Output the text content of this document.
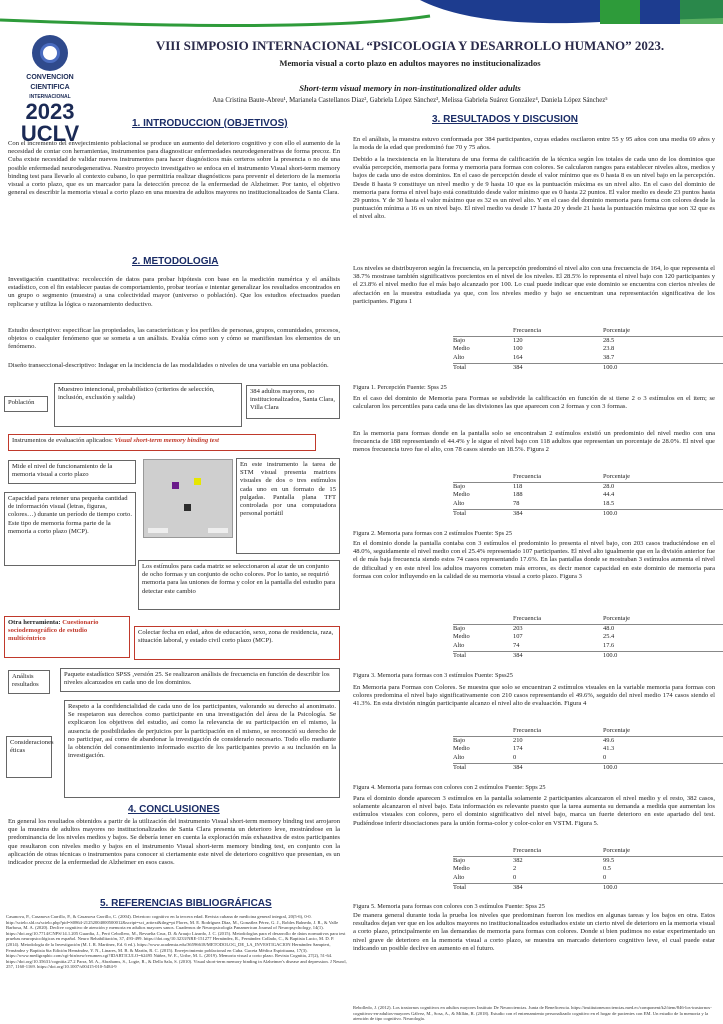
CONVENCION
CIENTIFICA
INTERNACIONAL
2023
UCLV
VIII SIMPOSIO INTERNACIONAL “PSICOLOGIA Y DESARROLLO HUMANO” 2023.
Memoria visual a corto plazo en adultos mayores no institucionalizados
Short-term visual memory in non-institutionalized older adults
Ana Cristina Baute-Abreu¹, Marianela Castellanos Diaz², Gabriela López Sánchez³, Melissa Gabriela Suárez González⁴, Daniela López Sánchez⁵
1. INTRODUCCION (OBJETIVOS)
Con el incremento del envejecimiento poblacional se produce un aumento del deterioro cognitivo y con ello el aumento de la necesidad de contar con herramientas, instrumentos para diagnosticar enfermedades neurodegenerativas de forma precoz. En Cuba existe necesidad de validar nuevos instrumentos para hacer diagnósticos más certeros sobre la presencia o no de una posible enfermedad neurodegenerativa. Nuestro proyecto investigativo se enfoca en el instrumento Visual short-term memory binding test para llevarlo al contexto cubano, lo que permitiría realizar diagnósticos para prevenir el deterioro de la memoria visual a corto plazo, que es un marcador para la detección precoz de la enfermedad de Alzheimer. Por tanto, el objetivo general es describir la memoria visual a corto plazo en una muestra de adultos mayores no institucionalizados de Santa Clara.
2. METODOLOGIA
Investigación cuantitativa: recolección de datos para probar hipótesis con base en la medición numérica y el análisis estadístico, con el fin establecer pautas de comportamiento, probar teorías e intentar generalizar los resultados encontrados en un grupo o segmento (muestra) a una colectividad mayor (universo o población). Que los estudios efectuados puedan replicarse y utiliza la lógica o razonamiento deductivo.
Estudio descriptivo: especificar las propiedades, las características y los perfiles de personas, grupos, comunidades, procesos, objetos o cualquier fenómeno que se someta a un análisis. Evalúa cómo son y cómo se manifiestan los elementos de un fenómeno.
Diseño transeccional-descriptivo: Indagar en la incidencia de las modalidades o niveles de una variable en una población.
Población
Muestreo intencional, probabilístico (criterios de selección, inclusión, exclusión y salida)
384 adultos mayores, no institucionalizados, Santa Clara, Villa Clara
Instrumentos de evaluación aplicados: Visual short-term memory binding test
Mide el nivel de funcionamiento de la memoria visual a corto plazo
Capacidad para retener una pequeña cantidad de información visual (letras, figuras, colores…) durante un período de tiempo corto. Este tipo de memoria forma parte de la memoria a corto plazo (MCP).
En este instrumento la tarea de STM visual presenta matrices visuales de dos o tres estímulos cada uno en un formato de 15 pulgadas. Pantalla plana TFT controlada por una computadora personal portátil
Los estímulos para cada matriz se seleccionaron al azar de un conjunto de ocho formas y un conjunto de ocho colores. Por lo tanto, se requirió memoria para las uniones de forma y color en la pantalla del estudio para detectar este cambio
Otra herramienta: Cuestionario sociodemográfico de estudio multicéntrico
Colectar fecha en edad, años de educación, sexo, zona de residencia, raza, situación laboral, y estado civil corto plazo (MCP).
Análisis resultados
Paquete estadístico SPSS ,versión 25. Se realizaron análisis de frecuencia en función de describir los niveles alcanzados en cada uno de los dominios.
Consideraciones éticas
Respeto a la confidencialidad de cada uno de los participantes, valorando su derecho al anonimato. Se respetaron sus derechos como participante en una investigación del área de la Psicología. Se explicaron los objetivos del estudio, así como la relevancia de su participación en el mismo, la ausencia de posibilidades de perjuicios por la participación en el mismo, se reconoció su derecho de no participar, así como de abandonar la investigación de considerarlo necesario. Todo ello mediante la obtención del consentimiento informado escrito de los participantes previo a su inclusión en la investigación.
4. CONCLUSIONES
En general los resultados obtenidos a partir de la utilización del instrumento Visual short-term memory binding test arrojaron que la muestra de adultos mayores no institucionalizados de Santa Clara presenta un deterioro leve, mostrándose en la predominancia de los niveles medios y bajos. Se debería tener en cuenta la exploración más exhaustiva de estos participantes que resultaron con niveles medio y bajos en el instrumento Visual short-term memory binding test, en conjunto con la aplicación de otras técnicas o instrumentos para conocer si ciertamente este nivel de deterioro cognitivo que presentan, es un indicador precoz de la enfermedad de Alzheimer en esos casos.
5. REFERENCIAS BIBLIOGRÁFICAS
Casanova, P., Casanova Carrillo, P., & Casanova Carrillo, C. (2004). Deterioro cognitivo en la tercera edad. Revista cubana de medicina general integral, 20(5-6), 0-0. http://scielo.sld.cu/scielo.php?pid=S0864-21252004000500012&script=sci_arttext&tlng=pt Flores, M. E. Rodríguez Díaz, M., González Pérez, G. J., Robles Balnedo, J. R., & Valle Barbosa, M. A. (2020). Declive cognitivo de atención y memoria en adultos mayores sanos. Cuadernos de Neuropsicología Panamerican Journal of Neuropsychology, 14(1). https://doi.org/10.7714/CNPS/14.1.205 Guardia, J., Peró Cebollero, M., Revuelta Cruz, D. & Araujo Lizardo, J. C. (2015). Metodologías para el desarrollo de datos normativos para test pruebas neuropsicológicas en español. Neuro Rehabilitación, 37, 493-499. https://doi.org/10.3233/NRE-151277 Hernández, R., Fernández Collado, C., & Baptista Lucio, M. D. P. (2014). Metodología de la Investigación (M. I. R. Martínez, Ed. 6 ed.). https://www.academia.edu/36596618/METODOLOG_DE_LA_INVESTIGACION Hernández Sampieri, Fernández y Baptista 6ta Edición Hernández, Y. N., Linares, M. B. & Martín, R. C. (2015). Envejecimiento poblacional en Cuba. Gaceta Médica Espirituana, 17(3). https://www.medigraphic.com/cgi-bin/new/resumen.cgi?IDARTICULO=62495 Núñez, W. E., Uribe, M. L. (2019). Memoria visual a corto plazo. Revista Cognitia, 27(2), 51-64. https://doi.org/10.35631/cognitia.27.2 Parra, M. A., Abrahams, S., Logie, R., & Della Sala, S. (2010). Visual short-term memory binding in Alzheimer's disease and depression. J Neurol, 257, 1160-1169. https://doi.org/10.1007/s00415-010-5484-9
3. RESULTADOS Y DISCUSION
En el análisis, la muestra estuvo conformada por 384 participantes, cuyas edades oscilaron entre 55 y 95 años con una media 69 años y la moda de la edad que predominó fue 70 y 75 años.
Debido a la inexistencia en la literatura de una forma de calificación de la técnica según los totales de cada uno de los dominios que evalúa percepción, memoria para forma y memoria para formas con colores. Se calcularon rangos para establecer niveles altos, medios y bajos de cada uno de estos dominios. En el caso de percepción desde el valor mínimo que es 0 hasta 8 es un nivel bajo en la percepción. Desde 8 hasta 9 constituye un nivel medio y de 9 hasta 10 que es la puntuación máxima es un nivel alto. En el caso del dominio de memoria para forma el nivel bajo está constituido desde valor mínimo que es 0 hasta 22 puntos. El valor medio es desde 23 puntos hasta 29 puntos. Y de 30 hasta el valor máximo que es 32 es un nivel alto. Y en el caso del dominio memoria para forma con colores desde la puntuación mínima a 16 es un nivel bajo. El nivel medio va desde 17 hasta 20 y desde 21 hasta la puntuación máxima que son 32 que es el nivel alto.
Los niveles se distribuyeron según la frecuencia, en la percepción predominó el nivel alto con una frecuencia de 164, lo que representa el 38.7% mostrase también significativos porcientos en el nivel de los niveles. El 28.5% lo representa el nivel bajo con 120 participantes y el 23.8% el nivel medio fue el más bajo alcanzado por 100. Lo cual puede indicar que este dominio se encuentra con ciertos niveles de afectación en la muestra estudiada ya que, con los niveles medio y bajo se encuentran una representación significativa de los participantes. Figura 1
	Frecuencia	Porcentaje
Bajo	120	28.5
Medio	100	23.8
Alto	164	38.7
Total	384	100.0
Figura 1. Percepción Fuente: Spss 25
En el caso del dominio de Memoria para Formas se subdivide la calificación en función de si tiene 2 o 3 estímulos en el item; se calcularon los percentiles para cada una de las divisiones las que aparecen con 2 formas y con 3 formas.
En la memoria para formas donde en la pantalla solo se encontraban 2 estímulos existió un predominio del nivel medio con una frecuencia de 188 representando el 44.4% y le sigue el nivel bajo con 118 adultos que representan un porcentaje de 28.0%. El nivel que menos frecuencia tuvo fue el alto, con 78 casos siendo un 18.5%. Figura 2
	Frecuencia	Porcentaje
Bajo	118	28.0
Medio	188	44.4
Alto	78	18.5
Total	384	100.0
Figura 2. Memoria para formas con 2 estímulos Fuente: Sps 25
En el dominio donde la pantalla contaba con 3 estímulos el predominio lo presenta el nivel bajo, con 203 casos traduciéndose en el 48.0%, seguidamente el nivel medio con el 25.4% representado 107 participantes. El nivel alto igualmente que en la división anterior fue el de más baja frecuencia siendo estos 74 casos representando 17.6%. En las pantallas donde se mostraban 3 estímulos aumenta el nivel de dificultad y en este nivel los adultos mayores cometen más errores, es decir menor capacidad en este dominio de memoria para formas con color influyendo en la calidad de su memoria visual a corto plazo. Figura 3
	Frecuencia	Porcentaje
Bajo	203	48.0
Medio	107	25.4
Alto	74	17.6
Total	384	100.0
Figura 3. Memoria para formas con 3 estímulos Fuente: Spss25
En Memoria para Formas con Colores. Se muestra que solo se encuentran 2 estímulos visuales en la variable memoria para formas con colores predomina el nivel bajo significativamente con 210 casos representando el 49.6%, seguido del nivel medio 174 casos siendo el 41.3%. En esta división ningún participante alcanzo el nivel alto de evaluación. Figura 4
	Frecuencia	Porcentaje
Bajo	210	49.6
Medio	174	41.3
Alto	0	0
Total	384	100.0
Figura 4. Memoria para formas con colores con 2 estímulos Fuente: Spps 25
Para el dominio donde aparecen 3 estímulos en la pantalla solamente 2 participantes alcanzaron el nivel medio y el resto, 382 casos, solamente alcanzaron el nivel bajo. Esta información es relevante puesto que la tarea aumenta su demanda a medida que aumentan los estímulos visuales con colores, pero el dominio significativo del nivel bajo, marca un fuerte deterioro en este apartado del test. Pudiéndose inferir disociaciones para la unión forma-color y color-color en VSTM. Figura 5.
	Frecuencia	Porcentaje
Bajo	382	99.5
Medio	2	0.5
Alto	0	0
Total	384	100.0
Figura 5. Memoria para formas con colores con 3 estímulos Fuente: Spss 25
De manera general durante toda la prueba los niveles que predominan fueron los medios en algunas tareas y los bajos en otra. Estos resultados dejan ver que en los adultos mayores no institucionalizados estudiados existe un cierto nivel de deterioro en la memoria visual a corto plazo, principalmente en las demandas de memoria para formas con colores. Donde si bien pudimos no estar experimentado un nivel grave de deterioro en la memoria visual a corto plazo, se muestra un marcado deterioro cognitivo leve, el cual puede estar indicando un posible declive en aumento en el futuro.
Rebolledo, J. (2012). Los trastornos cognitivos en adultos mayores Instituto De Neurociencias. Junta de Beneficencia. https://institutoneurociencias.med.ec/component/k2/item/846-los-trastornos-cognitivos-en-adultos-mayores Gálvez, M., Sosa, A., & Millán, R. (2018). Estudio con el entrenamiento personalizado cognitivo en el hogar de pacientes con EM. Un estudio de la memoria y la atención de tipo cognitivo. Neurología.
